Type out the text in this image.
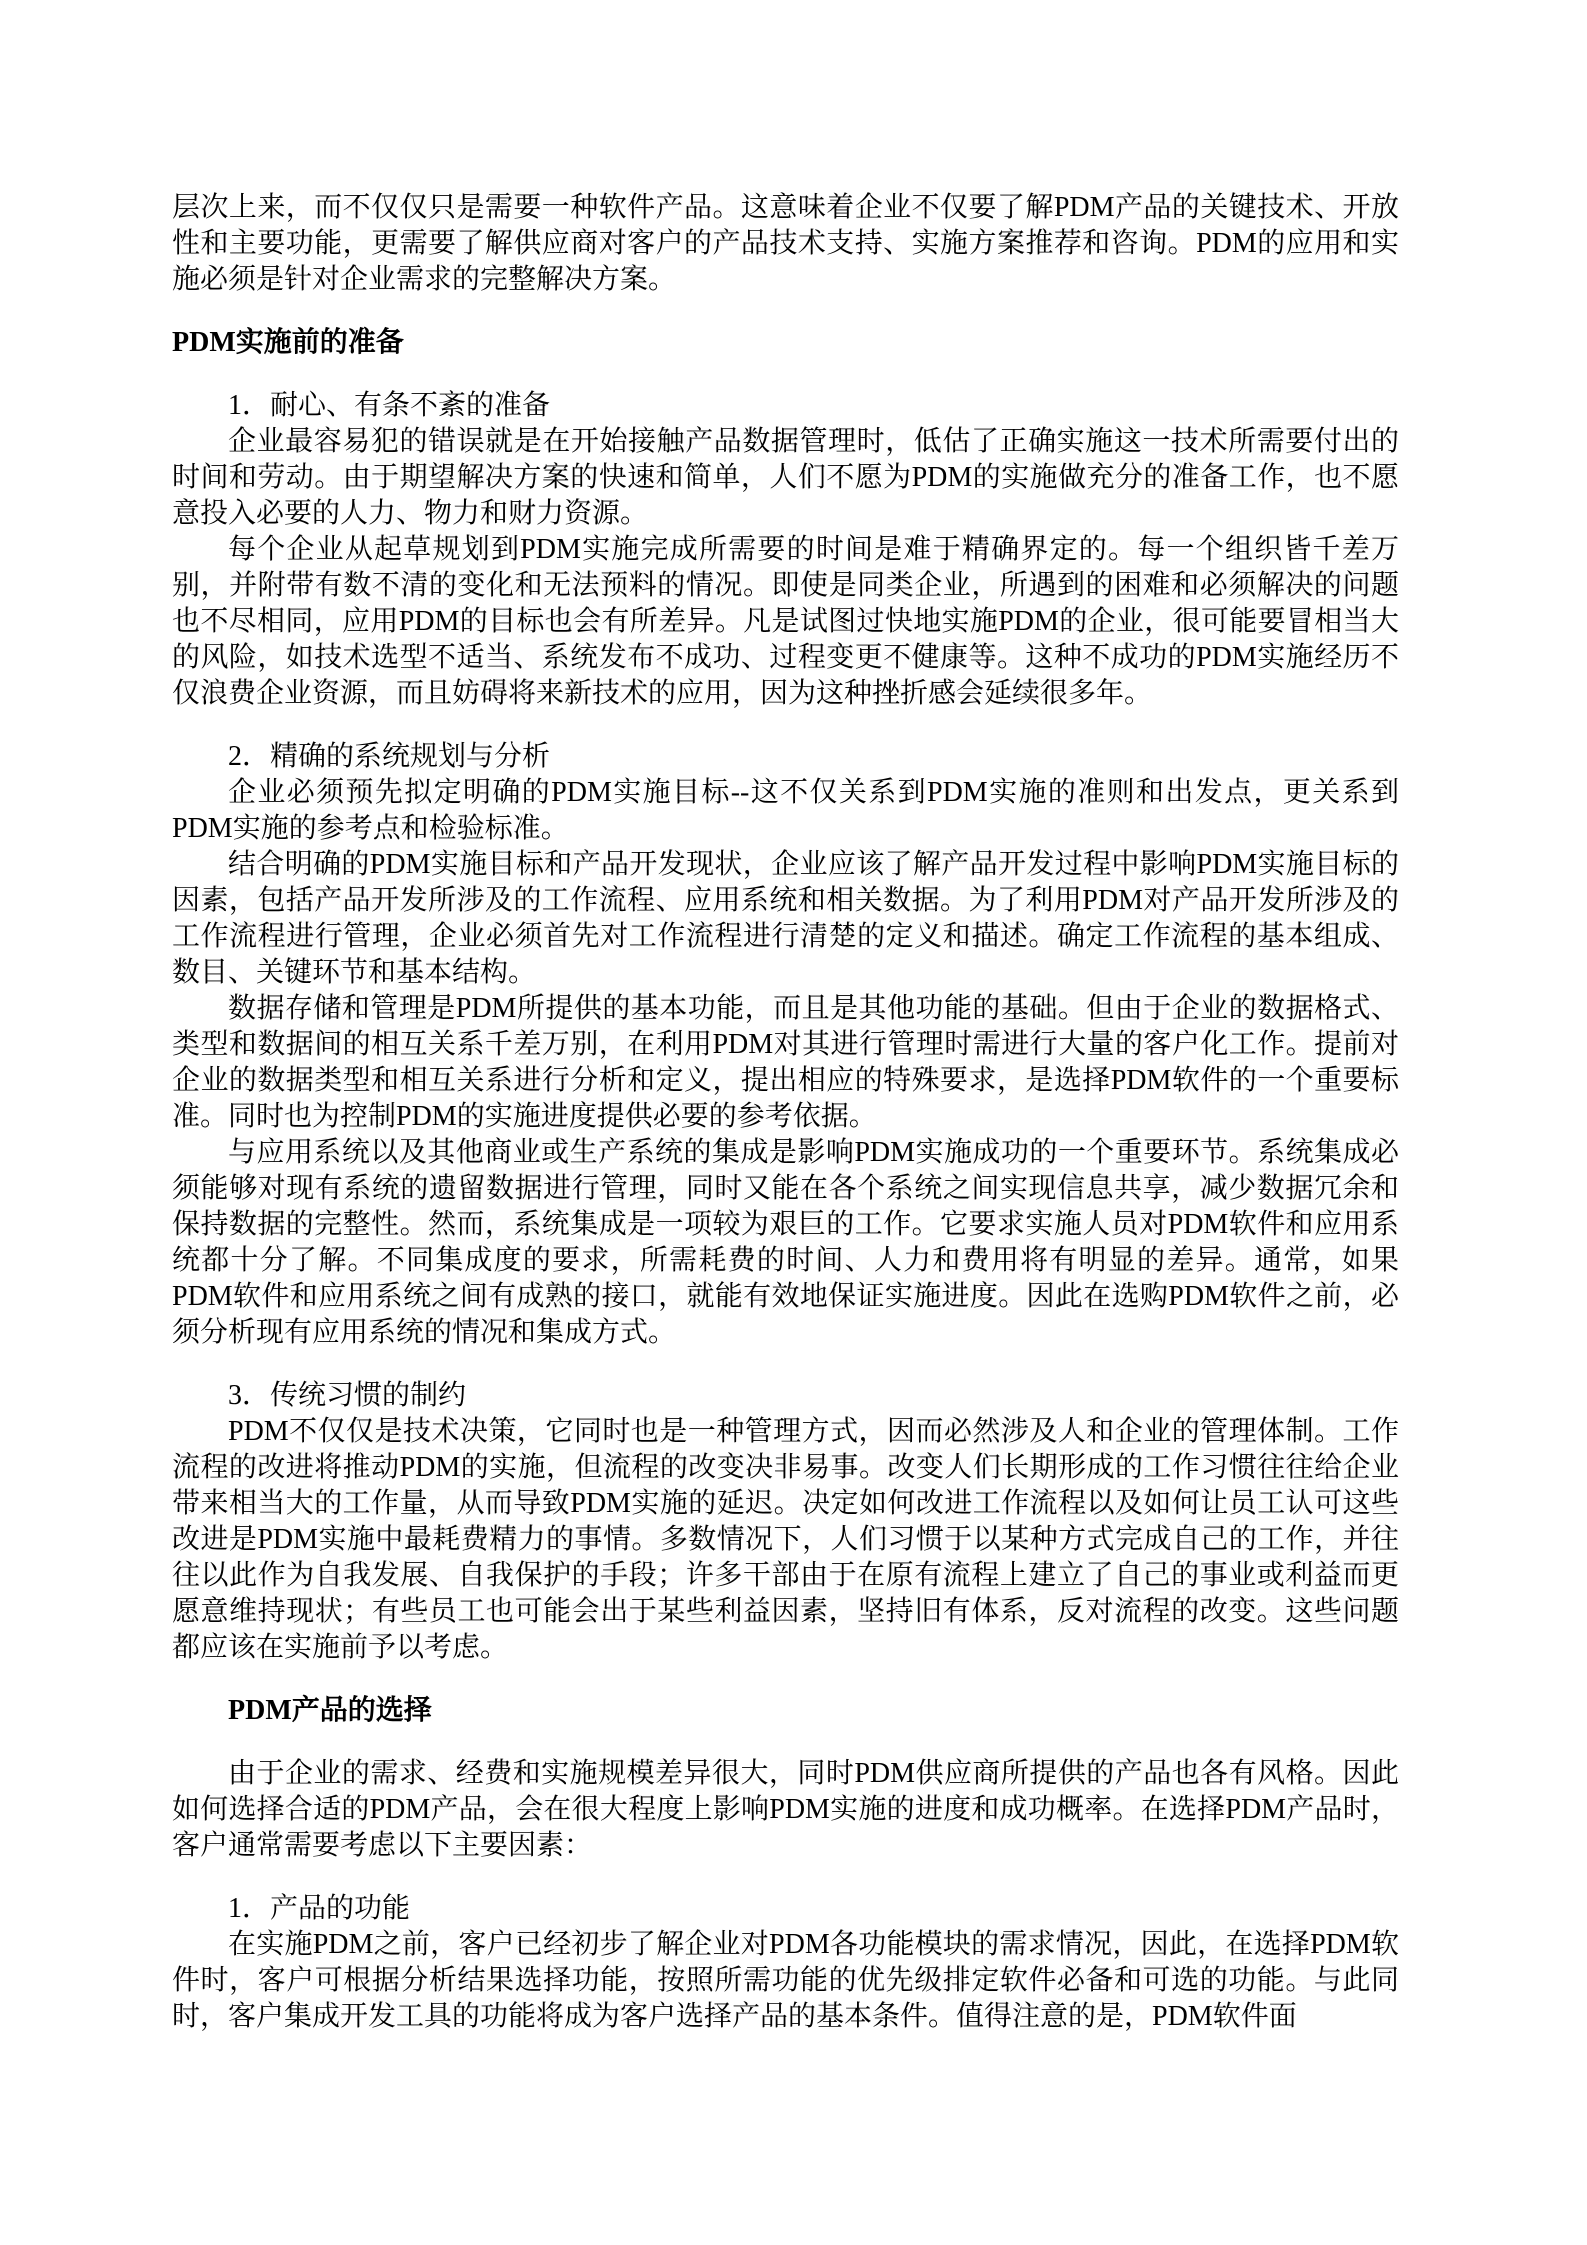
层次上来，而不仅仅只是需要一种软件产品。这意味着企业不仅要了解PDM产品的关键技术、开放性和主要功能，更需要了解供应商对客户的产品技术支持、实施方案推荐和咨询。PDM的应用和实施必须是针对企业需求的完整解决方案。

PDM实施前的准备

1．耐心、有条不紊的准备

企业最容易犯的错误就是在开始接触产品数据管理时，低估了正确实施这一技术所需要付出的时间和劳动。由于期望解决方案的快速和简单，人们不愿为PDM的实施做充分的准备工作，也不愿意投入必要的人力、物力和财力资源。

每个企业从起草规划到PDM实施完成所需要的时间是难于精确界定的。每一个组织皆千差万别，并附带有数不清的变化和无法预料的情况。即使是同类企业，所遇到的困难和必须解决的问题也不尽相同，应用PDM的目标也会有所差异。凡是试图过快地实施PDM的企业，很可能要冒相当大的风险，如技术选型不适当、系统发布不成功、过程变更不健康等。这种不成功的PDM实施经历不仅浪费企业资源，而且妨碍将来新技术的应用，因为这种挫折感会延续很多年。

2．精确的系统规划与分析

企业必须预先拟定明确的PDM实施目标--这不仅关系到PDM实施的准则和出发点，更关系到PDM实施的参考点和检验标准。

结合明确的PDM实施目标和产品开发现状，企业应该了解产品开发过程中影响PDM实施目标的因素，包括产品开发所涉及的工作流程、应用系统和相关数据。为了利用PDM对产品开发所涉及的工作流程进行管理，企业必须首先对工作流程进行清楚的定义和描述。确定工作流程的基本组成、数目、关键环节和基本结构。

数据存储和管理是PDM所提供的基本功能，而且是其他功能的基础。但由于企业的数据格式、类型和数据间的相互关系千差万别，在利用PDM对其进行管理时需进行大量的客户化工作。提前对企业的数据类型和相互关系进行分析和定义，提出相应的特殊要求，是选择PDM软件的一个重要标准。同时也为控制PDM的实施进度提供必要的参考依据。

与应用系统以及其他商业或生产系统的集成是影响PDM实施成功的一个重要环节。系统集成必须能够对现有系统的遗留数据进行管理，同时又能在各个系统之间实现信息共享，减少数据冗余和保持数据的完整性。然而，系统集成是一项较为艰巨的工作。它要求实施人员对PDM软件和应用系统都十分了解。不同集成度的要求，所需耗费的时间、人力和费用将有明显的差异。通常，如果PDM软件和应用系统之间有成熟的接口，就能有效地保证实施进度。因此在选购PDM软件之前，必须分析现有应用系统的情况和集成方式。

3．传统习惯的制约

PDM不仅仅是技术决策，它同时也是一种管理方式，因而必然涉及人和企业的管理体制。工作流程的改进将推动PDM的实施，但流程的改变决非易事。改变人们长期形成的工作习惯往往给企业带来相当大的工作量，从而导致PDM实施的延迟。决定如何改进工作流程以及如何让员工认可这些改进是PDM实施中最耗费精力的事情。多数情况下，人们习惯于以某种方式完成自己的工作，并往往以此作为自我发展、自我保护的手段；许多干部由于在原有流程上建立了自己的事业或利益而更愿意维持现状；有些员工也可能会出于某些利益因素，坚持旧有体系，反对流程的改变。这些问题都应该在实施前予以考虑。

PDM产品的选择

由于企业的需求、经费和实施规模差异很大，同时PDM供应商所提供的产品也各有风格。因此如何选择合适的PDM产品，会在很大程度上影响PDM实施的进度和成功概率。在选择PDM产品时，客户通常需要考虑以下主要因素：

1．产品的功能

在实施PDM之前，客户已经初步了解企业对PDM各功能模块的需求情况，因此，在选择PDM软件时，客户可根据分析结果选择功能，按照所需功能的优先级排定软件必备和可选的功能。与此同时，客户集成开发工具的功能将成为客户选择产品的基本条件。值得注意的是，PDM软件面
